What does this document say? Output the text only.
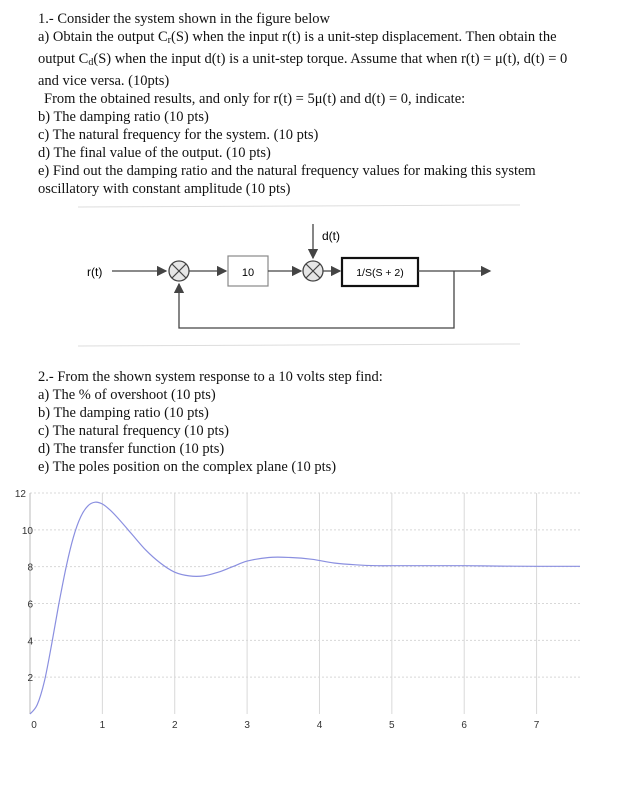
1.- Consider the system shown in the figure below
a) Obtain the output $C_r(S)$ when the input r(t) is a unit-step displacement. Then obtain the
output $C_d(S)$ when the input d(t) is a unit-step torque. Assume that when r(t) = μ(t), d(t) = 0
and vice versa. (10pts)
From the obtained results, and only for r(t) = 5μ(t) and d(t) = 0, indicate:
b) The damping ratio (10 pts)
c) The natural frequency for the system. (10 pts)
d) The final value of the output. (10 pts)
e) Find out the damping ratio and the natural frequency values for making this system
oscillatory with constant amplitude (10 pts)
r(t)	10
d(t)
1/S(S + 2)
2.- From the shown system response to a 10 volts step find:
a) The % of overshoot (10 pts)
b) The damping ratio (10 pts)
c) The natural frequency (10 pts)
d) The transfer function (10 pts)
e) The poles position on the complex plane (10 pts)
2
4
6
8
10
12
0	1	2	3	4	5	6	7
